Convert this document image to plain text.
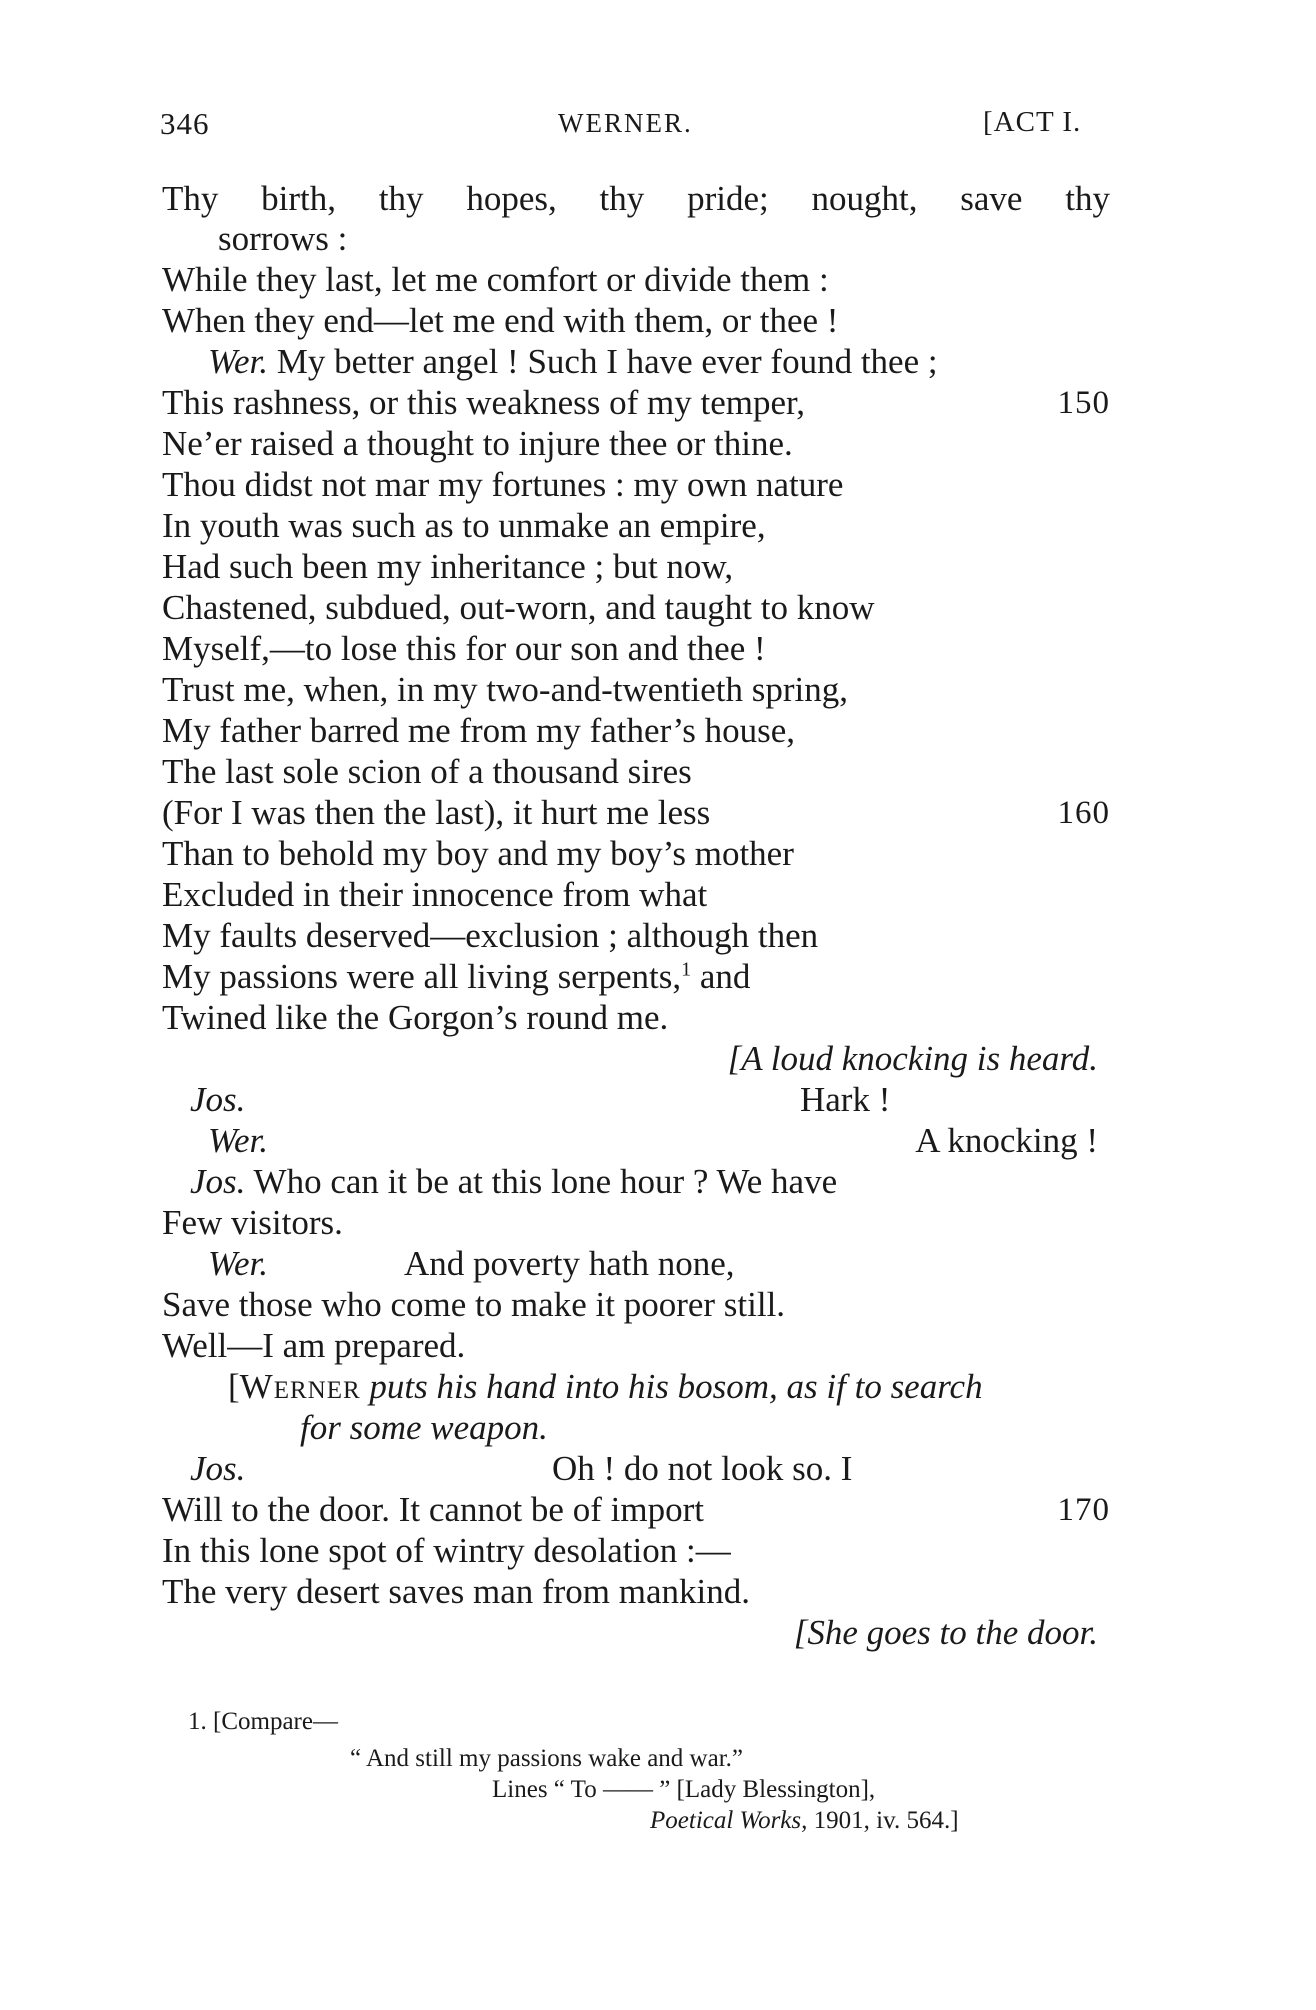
346	WERNER.	[ACT I.
Thy birth, thy hopes, thy pride; nought, save thy
sorrows :
While they last, let me comfort or divide them :
When they end—let me end with them, or thee !
Wer. My better angel ! Such I have ever found thee ;
This rashness, or this weakness of my temper,	150
Ne’er raised a thought to injure thee or thine.
Thou didst not mar my fortunes : my own nature
In youth was such as to unmake an empire,
Had such been my inheritance ; but now,
Chastened, subdued, out-worn, and taught to know
Myself,—to lose this for our son and thee !
Trust me, when, in my two-and-twentieth spring,
My father barred me from my father’s house,
The last sole scion of a thousand sires
(For I was then the last), it hurt me less	160
Than to behold my boy and my boy’s mother
Excluded in their innocence from what
My faults deserved—exclusion ; although then
My passions were all living serpents,$^1$ and
Twined like the Gorgon’s round me.
[A loud knocking is heard.
Jos.	Hark !
Wer.	A knocking !
Jos. Who can it be at this lone hour ? We have
Few visitors.
Wer.	And poverty hath none,
Save those who come to make it poorer still.
Well—I am prepared.
[Werner puts his hand into his bosom, as if to search
for some weapon.
Jos.	Oh ! do not look so. I
Will to the door. It cannot be of import	170
In this lone spot of wintry desolation :—
The very desert saves man from mankind.
[She goes to the door.
1. [Compare—
“ And still my passions wake and war.”
Lines “ To —— ” [Lady Blessington],
Poetical Works, 1901, iv. 564.]
